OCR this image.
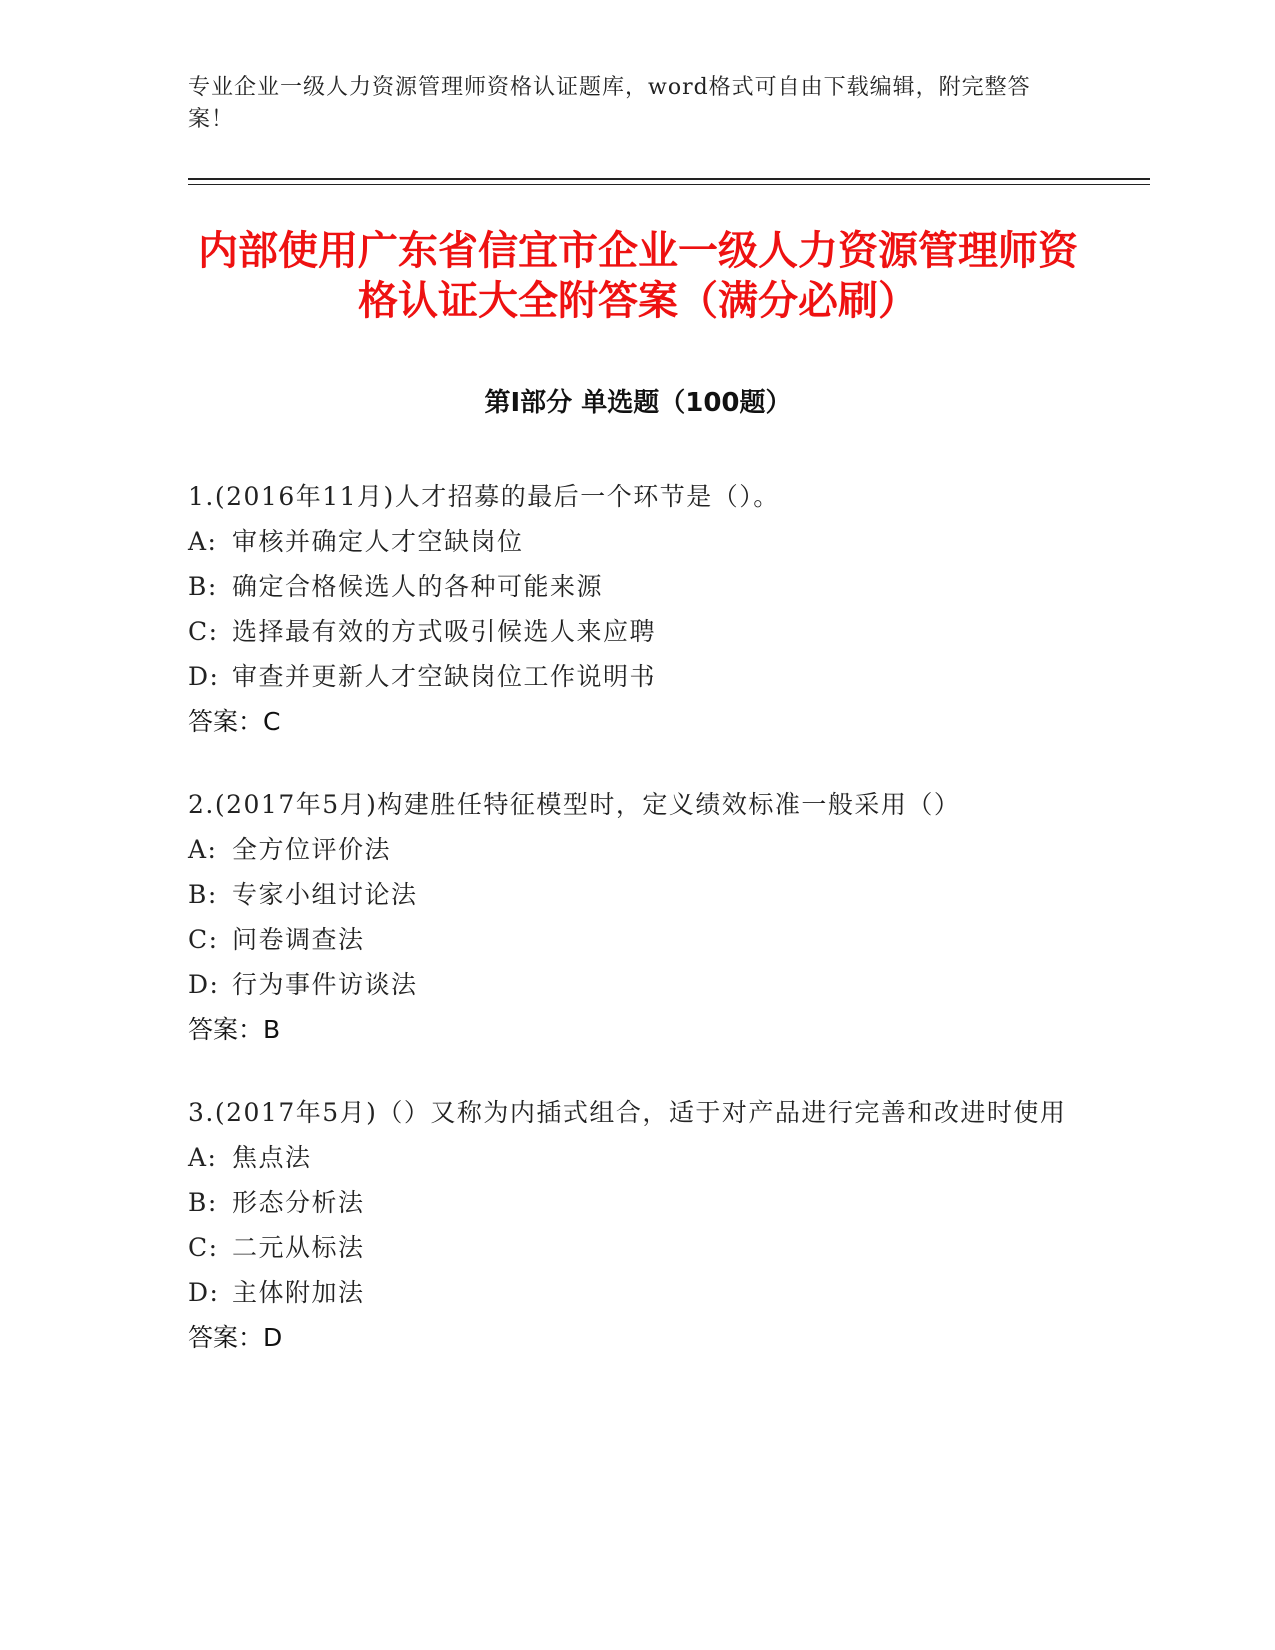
专业企业一级人力资源管理师资格认证题库，word格式可自由下载编辑，附完整答案！
内部使用广东省信宜市企业一级人力资源管理师资格认证大全附答案（满分必刷）
第I部分 单选题（100题）

1.(2016年11月)人才招募的最后一个环节是（）。

A: 审核并确定人才空缺岗位

B: 确定合格候选人的各种可能来源

C: 选择最有效的方式吸引候选人来应聘

D: 审查并更新人才空缺岗位工作说明书

答案：C

2.(2017年5月)构建胜任特征模型时，定义绩效标准一般采用（）

A: 全方位评价法

B: 专家小组讨论法

C: 问卷调查法

D: 行为事件访谈法

答案：B

3.(2017年5月)（）又称为内插式组合，适于对产品进行完善和改进时使用

A: 焦点法

B: 形态分析法

C: 二元从标法

D: 主体附加法

答案：D
